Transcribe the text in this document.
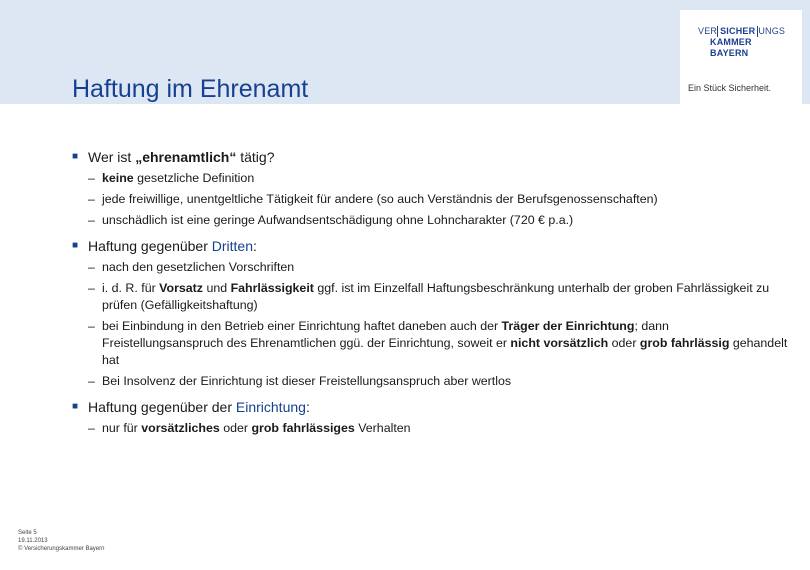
Haftung im Ehrenamt
VER SICHER UNGS
KAMMER
BAYERN
Ein Stück Sicherheit.
■ Wer ist „ehrenamtlich“ tätig?
– keine gesetzliche Definition
– jede freiwillige, unentgeltliche Tätigkeit für andere (so auch Verständnis der Berufsgenossenschaften)
– unschädlich ist eine geringe Aufwandsentschädigung ohne Lohncharakter (720 € p.a.)
■ Haftung gegenüber Dritten:
– nach den gesetzlichen Vorschriften
– i. d. R. für Vorsatz und Fahrlässigkeit ggf. ist im Einzelfall Haftungsbeschränkung unterhalb der groben Fahrlässigkeit zu prüfen (Gefälligkeitshaftung)
– bei Einbindung in den Betrieb einer Einrichtung haftet daneben auch der Träger der Einrichtung; dann Freistellungsanspruch des Ehrenamtlichen ggü. der Einrichtung, soweit er nicht vorsätzlich oder grob fahrlässig gehandelt hat
– Bei Insolvenz der Einrichtung ist dieser Freistellungsanspruch aber wertlos
■ Haftung gegenüber der Einrichtung:
– nur für vorsätzliches oder grob fahrlässiges Verhalten
Seite 5
19.11.2013
© Versicherungskammer Bayern
